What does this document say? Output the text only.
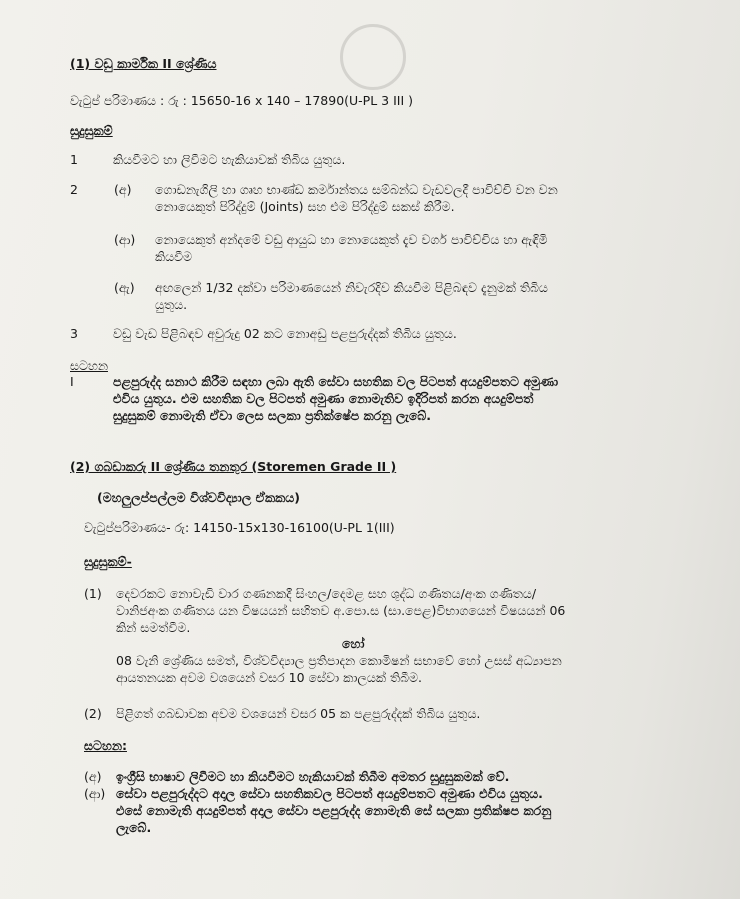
(1) වඩු කාර්මික II ශ්‍රේණිය
වැටුප් පරිමාණය : රු : 15650-16 x 140 – 17890(U-PL 3 III )
සුදුසුකම්
1	කියවීමට හා ලිවීමට හැකියාවක් තිබිය යුතුය.
2	(අ) ගොඩනැගිලි හා ගෘහ භාණ්ඩ කර්මාන්තය සම්බන්ධ වැඩවලදී පාවිච්චි වන වන
නොයෙකුත් පිරිද්දුම් (Joints) සහ එම පිරිද්දුම් සකස් කිරීම.
(ආ) නොයෙකුත් අන්දමේ වඩු ආයුධ හා නොයෙකුත් දැව වර්ග පාවිච්චිය හා ඇඳිමි
කියවීම
(ඇ) අඟලෙන් 1/32 දක්වා පරිමාණයෙන් නිවැරදිව කියවීම පිළිබඳව දැනුමක් තිබිය
යුතුය.
3	වඩු වැඩ පිළිබඳව අවුරුදු 02 කට නොඅඩු පළපුරුද්දක් තිබිය යුතුය.
සටහන
I	පළපුරුද්ද සනාථ කිරීම සඳහා ලබා ඇති සේවා සහතික වල පිටපත් අයදුම්පතට අමුණා
එවිය යුතුය. එම සහතික වල පිටපත් අමුණා නොමැතිව ඉදිරිපත් කරන අයදුම්පත්
සුදුසුකම් නොමැති ඒවා ලෙස සලකා ප්‍රතික්ෂේප කරනු ලැබේ.
(2) ගබඩාකරු II ශ්‍රේණිය තනතුර (Storemen Grade II )
(මහලුලප්පල්ලම විශ්වවිද්‍යාල ඒකකය)
වැටුප්පරිමාණය- රු: 14150-15x130-16100(U-PL 1(III)
සුදුසුකම්-
(1) දෙවරකට නොවැඩි වාර ගණනකදී සිංහල/දෙමළ සහ ශුද්ධ ගණිතය/අංක ගණිතය/
වානිජඅංක ගණිතය යන විෂයයන් සහිතව අ.පො.ස (සා.පෙළ)විභාගයෙන් විෂයයන් 06
කින් සමත්වීම.
හෝ
08 වැනි ශ්‍රේණිය සමත්, විශ්වවිද්‍යාල ප්‍රතිපාදන කොමිෂන් සභාවේ හෝ උසස් අධ්‍යාපන
ආයතනයක අවම වශයෙන් වසර 10 සේවා කාලයක් තිබීම.
(2) පිළිගත් ගබඩාවක අවම වශයෙන් වසර 05 ක පළපුරුද්දක් තිබිය යුතුය.
සටහන:
(අ) ඉංග්‍රීසි භාෂාව ලිවීමට හා කියවීමට හැකියාවක් තිබීම අමතර සුදුසුකමක් වේ.
(ආ) සේවා පළපුරුද්දට අදාල සේවා සහතිකවල පිටපත් අයදුම්පතට අමුණා එවිය යුතුය.
එසේ නොමැති අයදුම්පත් අදාල සේවා පළපුරුද්ද නොමැති සේ සලකා ප්‍රතික්ෂප කරනු
ලැබේ.
